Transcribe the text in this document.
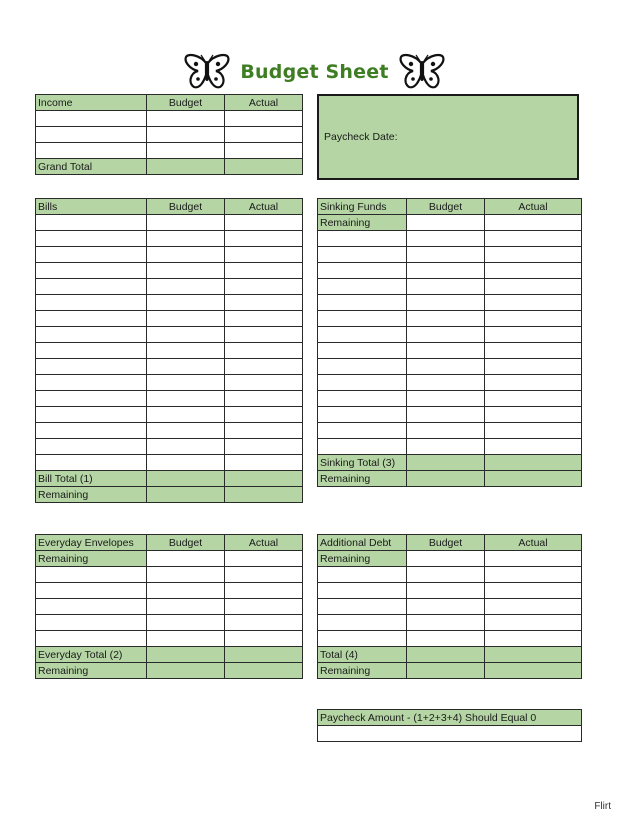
Budget Sheet
Income	Budget	Actual

Grand Total		
Paycheck Date:
Bills	Budget	Actual

Bill Total (1)		
Remaining		
Sinking Funds	Budget	Actual
Remaining		

Sinking Total (3)		
Remaining		
Everyday Envelopes	Budget	Actual
Remaining		

Everyday Total (2)		
Remaining		
Additional Debt	Budget	Actual
Remaining		

Total (4)		
Remaining		
Paycheck Amount - (1+2+3+4) Should Equal 0

Flirt
